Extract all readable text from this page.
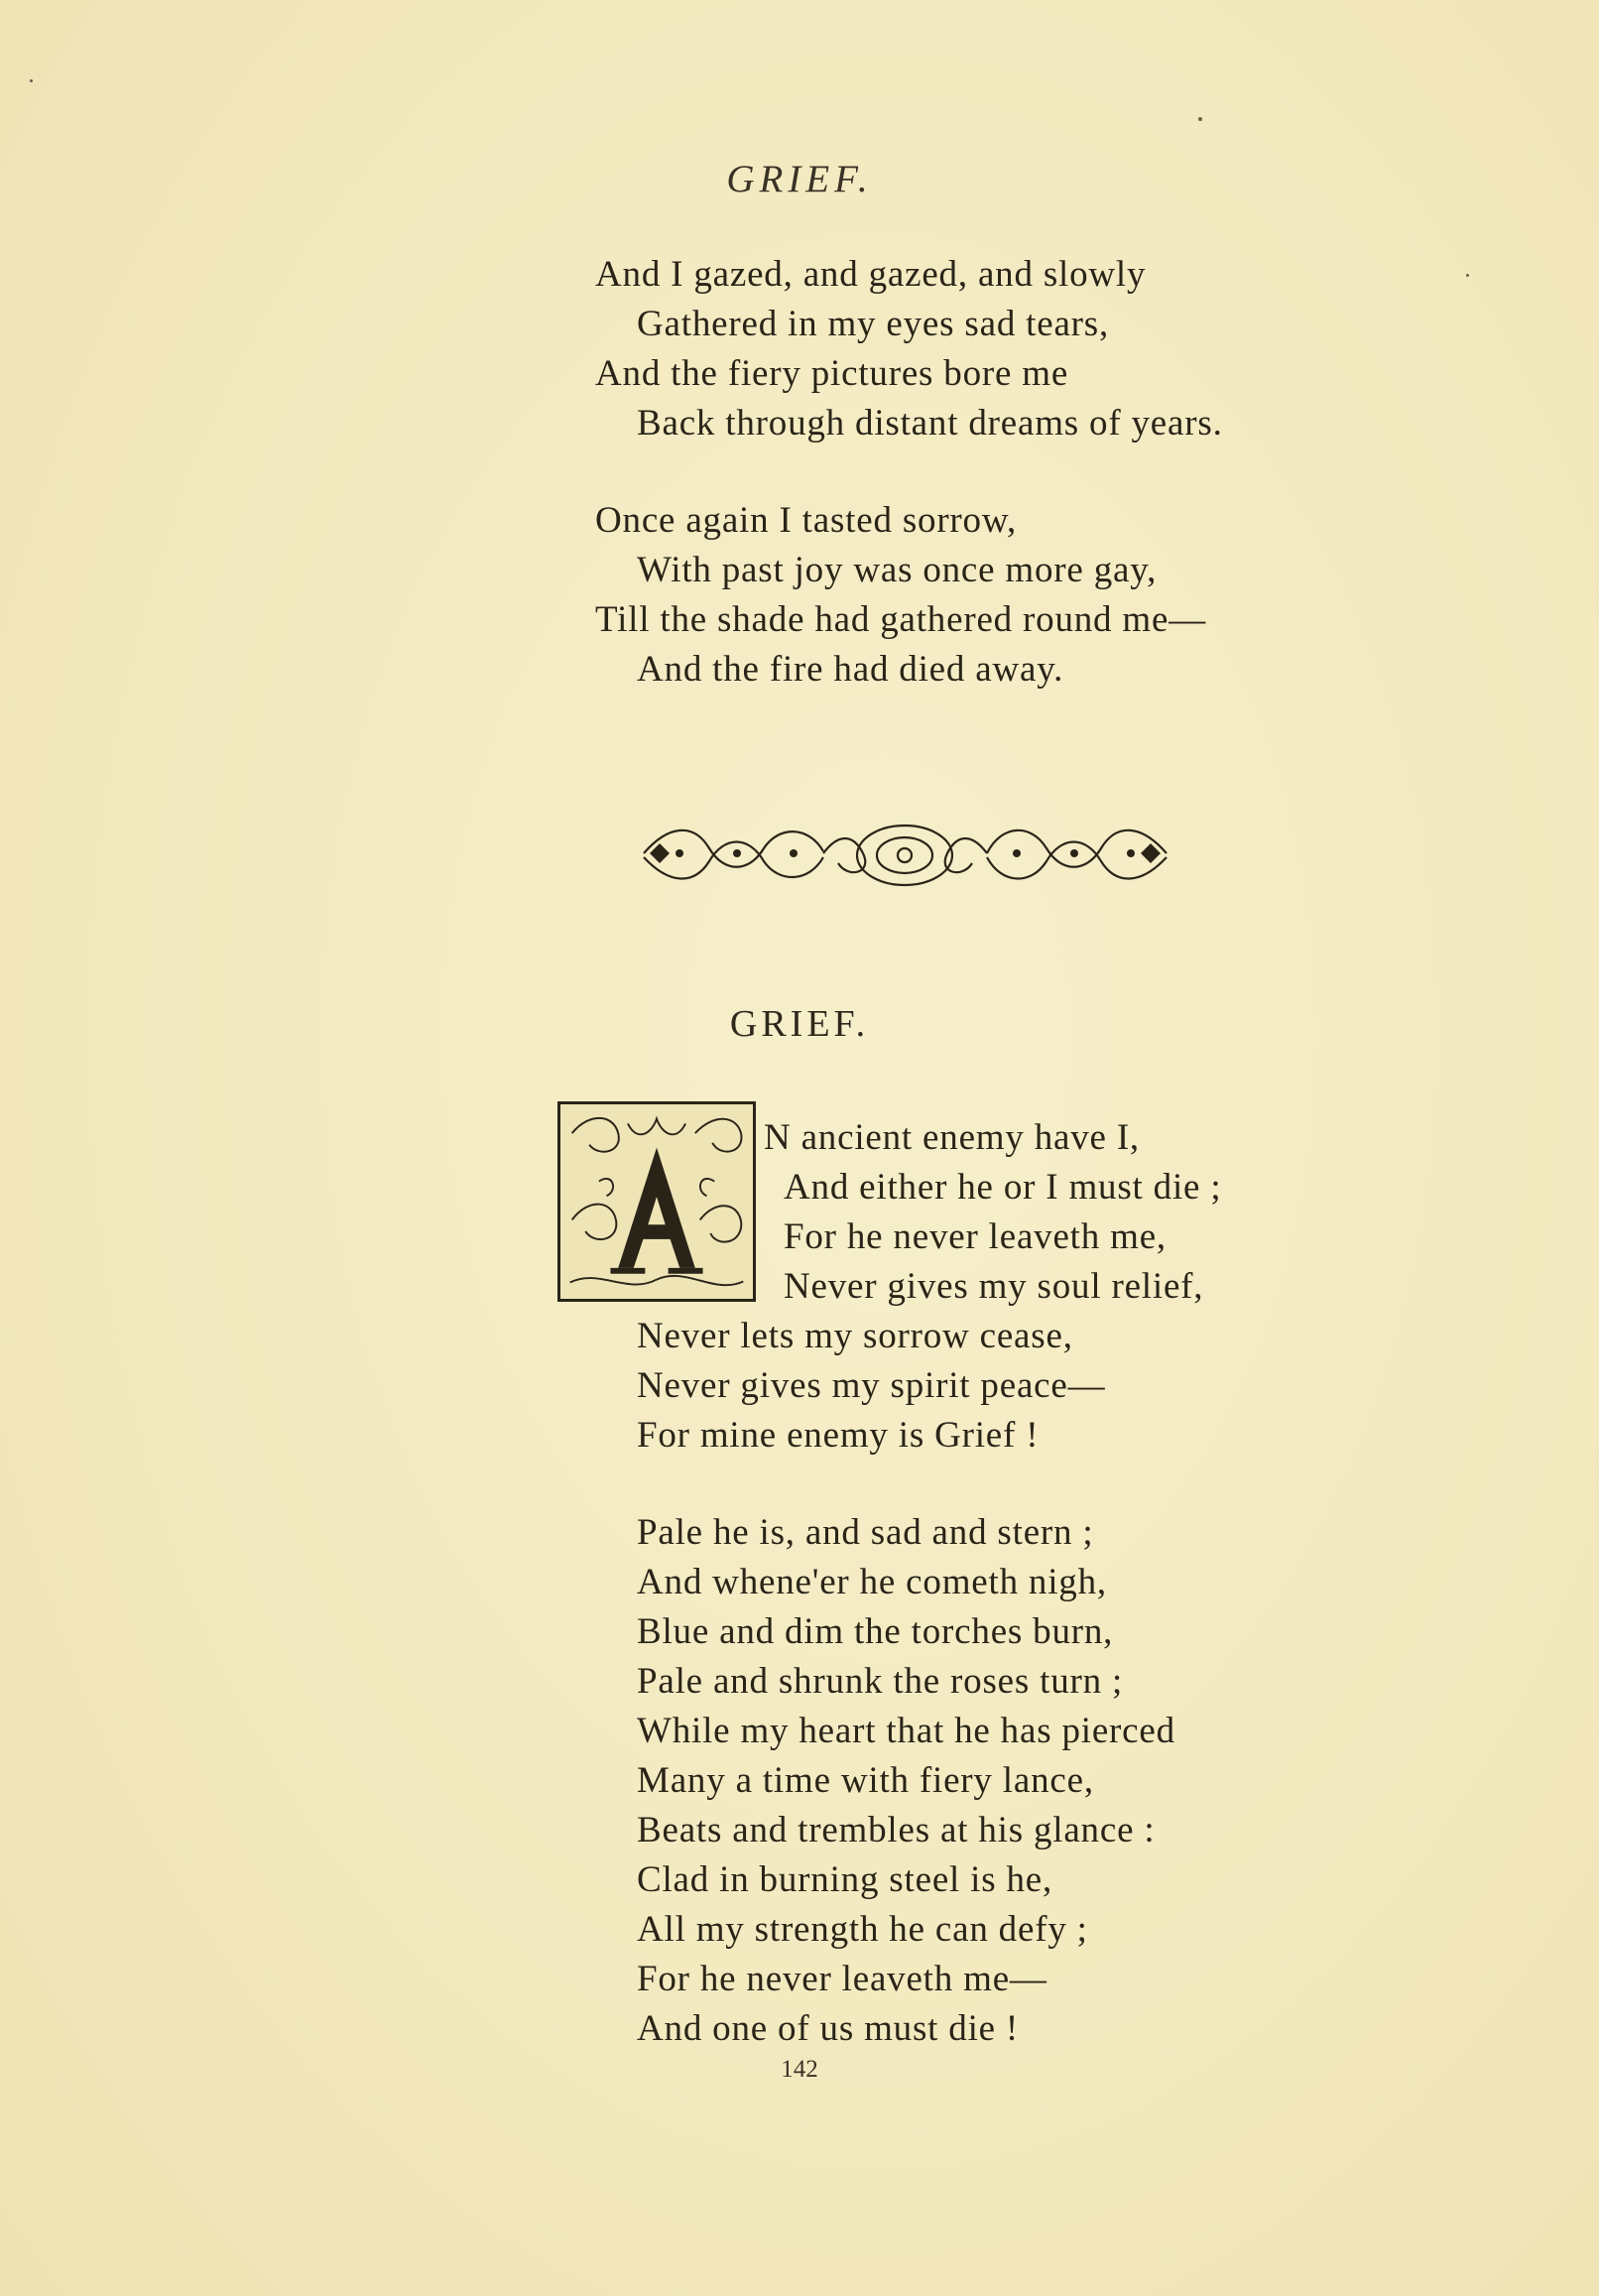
GRIEF.
And I gazed, and gazed, and slowly
Gathered in my eyes sad tears,
And the fiery pictures bore me
Back through distant dreams of years.
Once again I tasted sorrow,
With past joy was once more gay,
Till the shade had gathered round me—
And the fire had died away.
GRIEF.
N ancient enemy have I,
And either he or I must die ;
For he never leaveth me,
Never gives my soul relief,
Never lets my sorrow cease,
Never gives my spirit peace—
For mine enemy is Grief !
Pale he is, and sad and stern ;
And whene'er he cometh nigh,
Blue and dim the torches burn,
Pale and shrunk the roses turn ;
While my heart that he has pierced
Many a time with fiery lance,
Beats and trembles at his glance :
Clad in burning steel is he,
All my strength he can defy ;
For he never leaveth me—
And one of us must die !
142
